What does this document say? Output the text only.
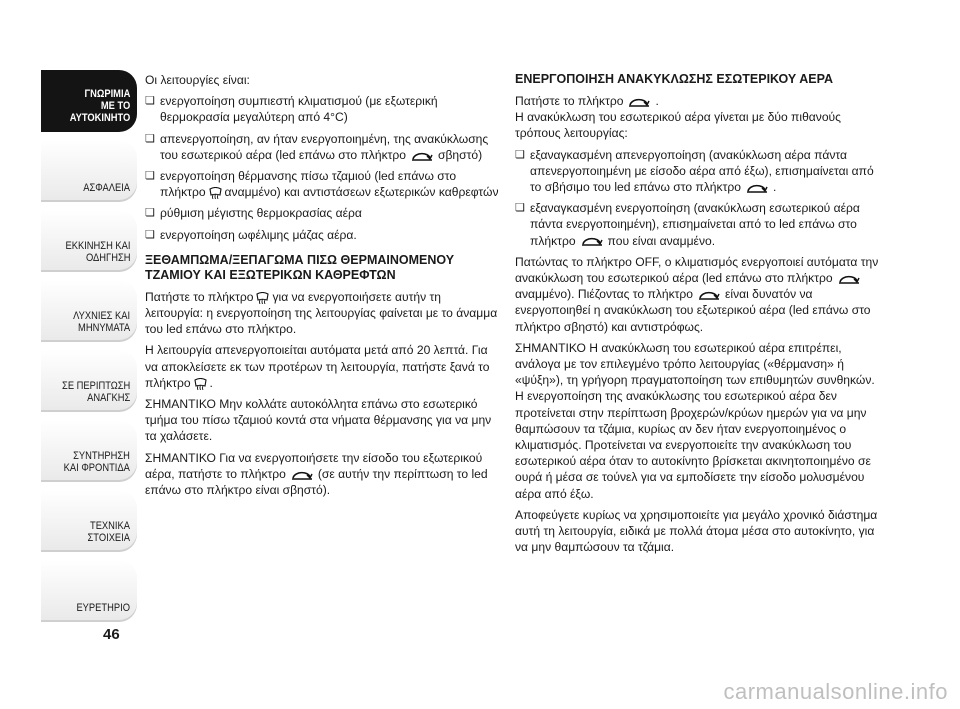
ΓΝΩΡΙΜΙΑ
ΜΕ ΤΟ
ΑΥΤΟΚΙΝΗΤΟ
ΑΣΦΑΛΕΙΑ
ΕΚΚΙΝΗΣΗ ΚΑΙ
ΟΔΗΓΗΣΗ
ΛΥΧΝΙΕΣ ΚΑΙ
ΜΗΝΥΜΑΤΑ
ΣΕ ΠΕΡΙΠΤΩΣΗ
ΑΝΑΓΚΗΣ
ΣΥΝΤΗΡΗΣΗ
ΚΑΙ ΦΡΟΝΤΙΔΑ
ΤΕΧΝΙΚΑ
ΣΤΟΙΧΕΙΑ
ΕΥΡΕΤΗΡΙΟ
46

Οι λειτουργίες είναι:

❏ ενεργοποίηση συμπιεστή κλιματισμού (με εξωτερική θερμοκρασία μεγαλύτερη από 4°C)
❏ απενεργοποίηση, αν ήταν ενεργοποιημένη, της ανακύκλωσης του εσωτερικού αέρα (led επάνω στο πλήκτρο	σβηστό)
❏ ενεργοποίηση θέρμανσης πίσω τζαμιού (led επάνω στο πλήκτρο αναμμένο) και αντιστάσεων εξωτερικών καθρεφτών
❏ ρύθμιση μέγιστης θερμοκρασίας αέρα
❏ ενεργοποίηση ωφέλιμης μάζας αέρα.
ΞΕΘΑΜΠΩΜΑ/ΞΕΠΑΓΩΜΑ ΠΙΣΩ ΘΕΡΜΑΙΝΟΜΕΝΟΥ ΤΖΑΜΙΟΥ ΚΑΙ ΕΞΩΤΕΡΙΚΩΝ ΚΑΘΡΕΦΤΩΝ

Πατήστε το πλήκτρο για να ενεργοποιήσετε αυτήν τη λειτουργία: η ενεργοποίηση της λειτουργίας φαίνεται με το άναμμα του led επάνω στο πλήκτρο.

Η λειτουργία απενεργοποιείται αυτόματα μετά από 20 λεπτά. Για να αποκλείσετε εκ των προτέρων τη λειτουργία, πατήστε ξανά το πλήκτρο .

ΣΗΜΑΝΤΙΚΟ Μην κολλάτε αυτοκόλλητα επάνω στο εσωτερικό τμήμα του πίσω τζαμιού κοντά στα νήματα θέρμανσης για να μην τα χαλάσετε.

ΣΗΜΑΝΤΙΚΟ Για να ενεργοποιήσετε την είσοδο του εξωτερικού αέρα, πατήστε το πλήκτρο	(σε αυτήν την περίπτωση το led επάνω στο πλήκτρο είναι σβηστό).

ΕΝΕΡΓΟΠΟΙΗΣΗ ΑΝΑΚΥΚΛΩΣΗΣ ΕΣΩΤΕΡΙΚΟΥ ΑΕΡΑ

Πατήστε το πλήκτρο	.
Η ανακύκλωση του εσωτερικού αέρα γίνεται με δύο πιθανούς τρόπους λειτουργίας:

❏ εξαναγκασμένη απενεργοποίηση (ανακύκλωση αέρα πάντα απενεργοποιημένη με είσοδο αέρα από έξω), επισημαίνεται από το σβήσιμο του led επάνω στο πλήκτρο	.
❏ εξαναγκασμένη ενεργοποίηση (ανακύκλωση εσωτερικού αέρα πάντα ενεργοποιημένη), επισημαίνεται από το led επάνω στο πλήκτρο	που είναι αναμμένο.

Πατώντας το πλήκτρο OFF, ο κλιματισμός ενεργοποιεί αυτόματα την ανακύκλωση του εσωτερικού αέρα (led επάνω στο πλήκτροαναμμένο). Πιέζοντας το πλήκτρο	είναι δυνατόν να ενεργοποιηθεί η ανακύκλωση του εξωτερικού αέρα (led επάνω στο πλήκτρο σβηστό) και αντιστρόφως.

ΣΗΜΑΝΤΙΚΟ Η ανακύκλωση του εσωτερικού αέρα επιτρέπει, ανάλογα με τον επιλεγμένο τρόπο λειτουργίας («θέρμανση» ή «ψύξη»), τη γρήγορη πραγματοποίηση των επιθυμητών συνθηκών. Η ενεργοποίηση της ανακύκλωσης του εσωτερικού αέρα δεν προτείνεται στην περίπτωση βροχερών/κρύων ημερών για να μην θαμπώσουν τα τζάμια, κυρίως αν δεν ήταν ενεργοποιημένος ο κλιματισμός. Προτείνεται να ενεργοποιείτε την ανακύκλωση του εσωτερικού αέρα όταν το αυτοκίνητο βρίσκεται ακινητοποιημένο σε ουρά ή μέσα σε τούνελ για να εμποδίσετε την είσοδο μολυσμένου αέρα από έξω.

Αποφεύγετε κυρίως να χρησιμοποιείτε για μεγάλο χρονικό διάστημα αυτή τη λειτουργία, ειδικά με πολλά άτομα μέσα στο αυτοκίνητο, για να μην θαμπώσουν τα τζάμια.

carmanualsonline.info
